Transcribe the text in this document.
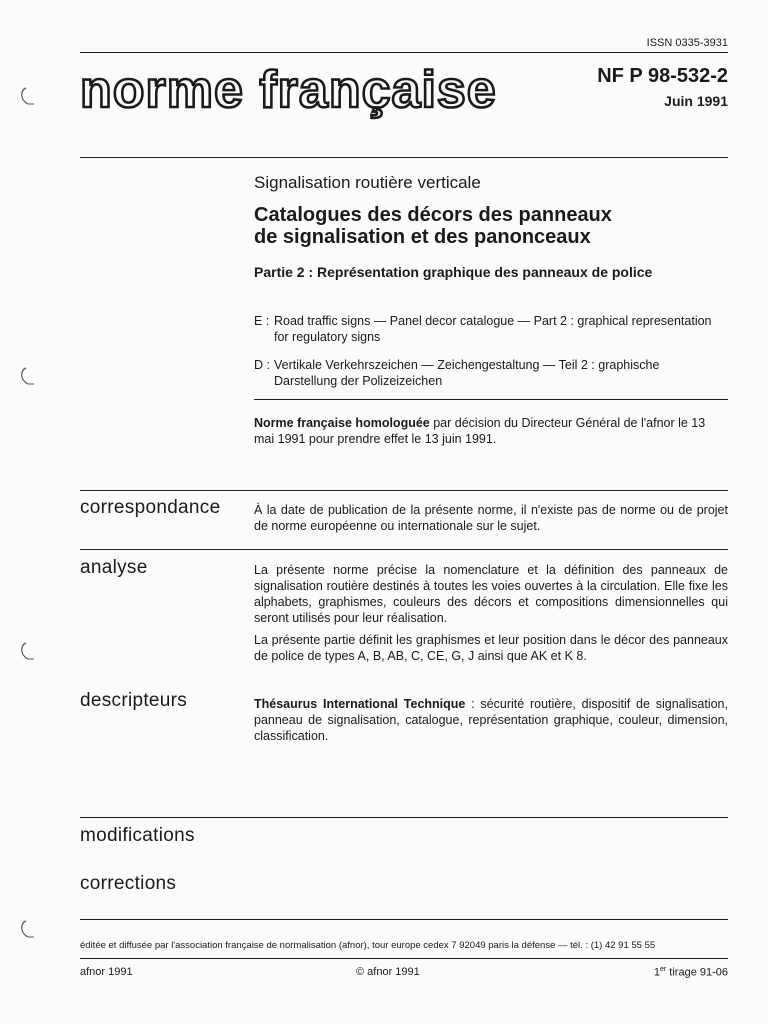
ISSN 0335-3931
norme française	NF P 98-532-2
Juin 1991
Signalisation routière verticale
Catalogues des décors des panneaux
de signalisation et des panonceaux
Partie 2 : Représentation graphique des panneaux de police
E : Road traffic signs — Panel decor catalogue — Part 2 : graphical representation for regulatory signs
D : Vertikale Verkehrszeichen — Zeichengestaltung — Teil 2 : graphische Darstellung der Polizeizeichen
Norme française homologuée par décision du Directeur Général de l'afnor le 13 mai 1991 pour prendre effet le 13 juin 1991.
correspondance	À la date de publication de la présente norme, il n'existe pas de norme ou de projet de norme européenne ou internationale sur le sujet.
analyse	La présente norme précise la nomenclature et la définition des panneaux de signalisation routière destinés à toutes les voies ouvertes à la circulation. Elle fixe les alphabets, graphismes, couleurs des décors et compositions dimensionnelles qui seront utilisés pour leur réalisation.

La présente partie définit les graphismes et leur position dans le décor des panneaux de police de types A, B, AB, C, CE, G, J ainsi que AK et K 8.

descripteurs	Thésaurus International Technique : sécurité routière, dispositif de signalisation, panneau de signalisation, catalogue, représentation graphique, couleur, dimension, classification.
modifications
corrections
éditée et diffusée par l'association française de normalisation (afnor), tour europe cedex 7 92049 paris la défense — tél. : (1) 42 91 55 55
afnor 1991	© afnor 1991	1er tirage 91-06
